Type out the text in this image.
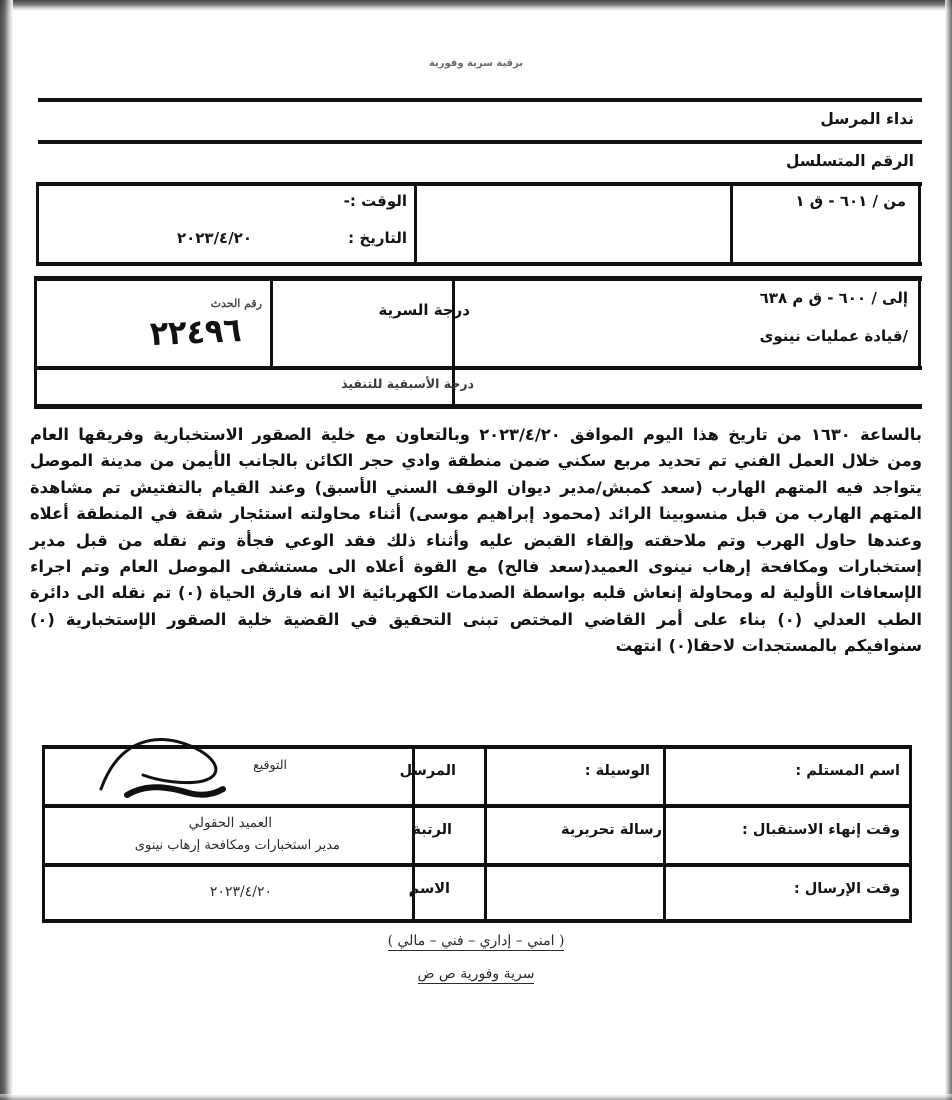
برقية سرية وفورية
نداء المرسل
الرقم المتسلسل
من / ٦٠١ - ق ١
الوقت :-
التاريخ :
٢٠٢٣/٤/٢٠
إلى / ٦٠٠ - ق م ٦٣٨
/قيادة عمليات نينوى
درجة السرية
درجة الأسبقية للتنفيذ
رقم الحدث
٢٢٤٩٦

بالساعة ١٦٣٠ من تاريخ هذا اليوم الموافق ٢٠٢٣/٤/٢٠ وبالتعاون مع خلية الصقور الاستخبارية وفريقها العام ومن خلال العمل الفني تم تحديد مربع سكني ضمن منطقة وادي حجر الكائن بالجانب الأيمن من مدينة الموصل يتواجد فيه المتهم الهارب (سعد كمبش/مدير ديوان الوقف السني الأسبق) وعند القيام بالتفتيش تم مشاهدة المتهم الهارب من قبل منسوبينا الرائد (محمود إبراهيم موسى) أثناء محاولته استئجار شقة في المنطقة أعلاه وعندها حاول الهرب وتم ملاحقته وإلقاء القبض عليه وأثناء ذلك فقد الوعي فجأة وتم نقله من قبل مدير إستخبارات ومكافحة إرهاب نينوى العميد(سعد فالح) مع القوة أعلاه الى مستشفى الموصل العام وتم اجراء الإسعافات الأولية له ومحاولة إنعاش قلبه بواسطة الصدمات الكهربائية الا انه فارق الحياة (٠) تم نقله الى دائرة الطب العدلي (٠) بناء على أمر القاضي المختص تبنى التحقيق في القضية خلية الصقور الإستخبارية (٠) سنوافيكم بالمستجدات لاحقا(٠) انتهت

اسم المستلم :
وقت إنهاء الاستقبال :
وقت الإرسال :
الوسيلة :
رسالة تحريرية
المرسل
الرتبة
الاسم
التوقيع
العميد الحقولي
مدير استخبارات ومكافحة إرهاب نينوى
٢٠٢٣/٤/٢٠
( امني – إداري – فني – مالي )
سرية وفورية ص ض
